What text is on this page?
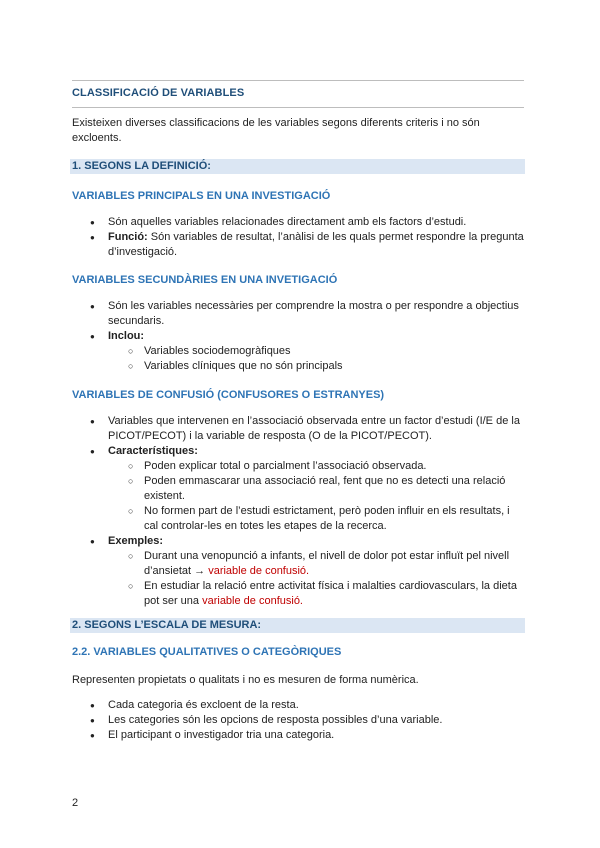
CLASSIFICACIÓ DE VARIABLES
Existeixen diverses classificacions de les variables segons diferents criteris i no són excloents.
1. SEGONS LA DEFINICIÓ:
VARIABLES PRINCIPALS EN UNA INVESTIGACIÓ
● Són aquelles variables relacionades directament amb els factors d’estudi.
● Funció: Són variables de resultat, l’anàlisi de les quals permet respondre la pregunta d’investigació.
VARIABLES SECUNDÀRIES EN UNA INVETIGACIÓ
● Són les variables necessàries per comprendre la mostra o per respondre a objectius secundaris.
● Inclou:
○ Variables sociodemogràfiques
○ Variables clíniques que no són principals
VARIABLES DE CONFUSIÓ (CONFUSORES O ESTRANYES)
● Variables que intervenen en l’associació observada entre un factor d’estudi (I/E de la PICOT/PECOT) i la variable de resposta (O de la PICOT/PECOT).
● Característiques:
○ Poden explicar total o parcialment l’associació observada.
○ Poden emmascarar una associació real, fent que no es detecti una relació existent.
○ No formen part de l’estudi estrictament, però poden influir en els resultats, i cal controlar-les en totes les etapes de la recerca.
● Exemples:
○ Durant una venopunció a infants, el nivell de dolor pot estar influït pel nivell d’ansietat → variable de confusió.
○ En estudiar la relació entre activitat física i malalties cardiovasculars, la dieta pot ser una variable de confusió.
2. SEGONS L’ESCALA DE MESURA:
2.2. VARIABLES QUALITATIVES O CATEGÒRIQUES
Representen propietats o qualitats i no es mesuren de forma numèrica.
● Cada categoria és excloent de la resta.
● Les categories són les opcions de resposta possibles d’una variable.
● El participant o investigador tria una categoria.
2
